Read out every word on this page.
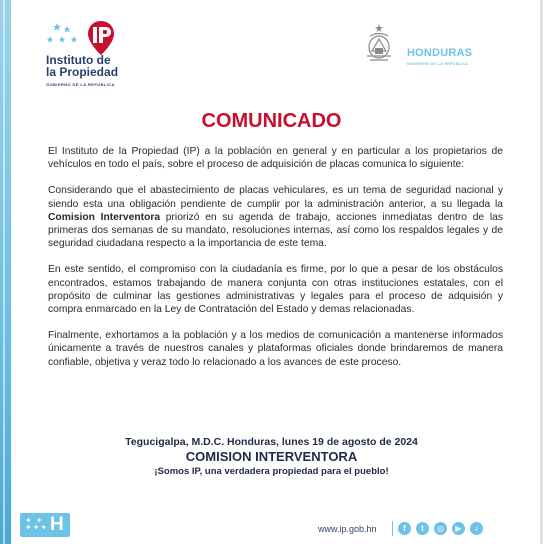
Instituto de
la Propiedad
GOBIERNO DE LA REPÚBLICA
HONDURAS
GOBIERNO DE LA REPÚBLICA
COMUNICADO

El Instituto de la Propiedad (IP) a la población en general y en particular a los propietarios de vehículos en todo el país, sobre el proceso de adquisición de placas comunica lo siguiente:

Considerando que el abastecimiento de placas vehiculares, es un tema de seguridad nacional y siendo esta una obligación pendiente de cumplir por la administración anterior, a su llegada la Comision Interventora priorizó en su agenda de trabajo, acciones inmediatas dentro de las primeras dos semanas de su mandato, resoluciones internas, así como los respaldos legales y de seguridad ciudadana respecto a la importancia de este tema.

En este sentido, el compromiso con la ciudadanía es firme, por lo que a pesar de los obstáculos encontrados, estamos trabajando de manera conjunta con otras instituciones estatales, con el propósito de culminar las gestiones administrativas y legales para el proceso de adquisión y compra enmarcado en la Ley de Contratación del Estado y demas relacionadas.

Finalmente, exhortamos a la población y a los medios de comunicación a mantenerse informados únicamente a través de nuestros canales y plataformas oficiales donde brindaremos de manera confiable, objetiva y veraz todo lo relacionado a los avances de este proceso.

Tegucigalpa, M.D.C. Honduras, lunes 19 de agosto de 2024
COMISION INTERVENTORA
¡Somos IP, una verdadera propiedad para el pueblo!
✦ ✦
✦✦✦ H	www.ip.gob.hn	f	t	◎	▶	♪
